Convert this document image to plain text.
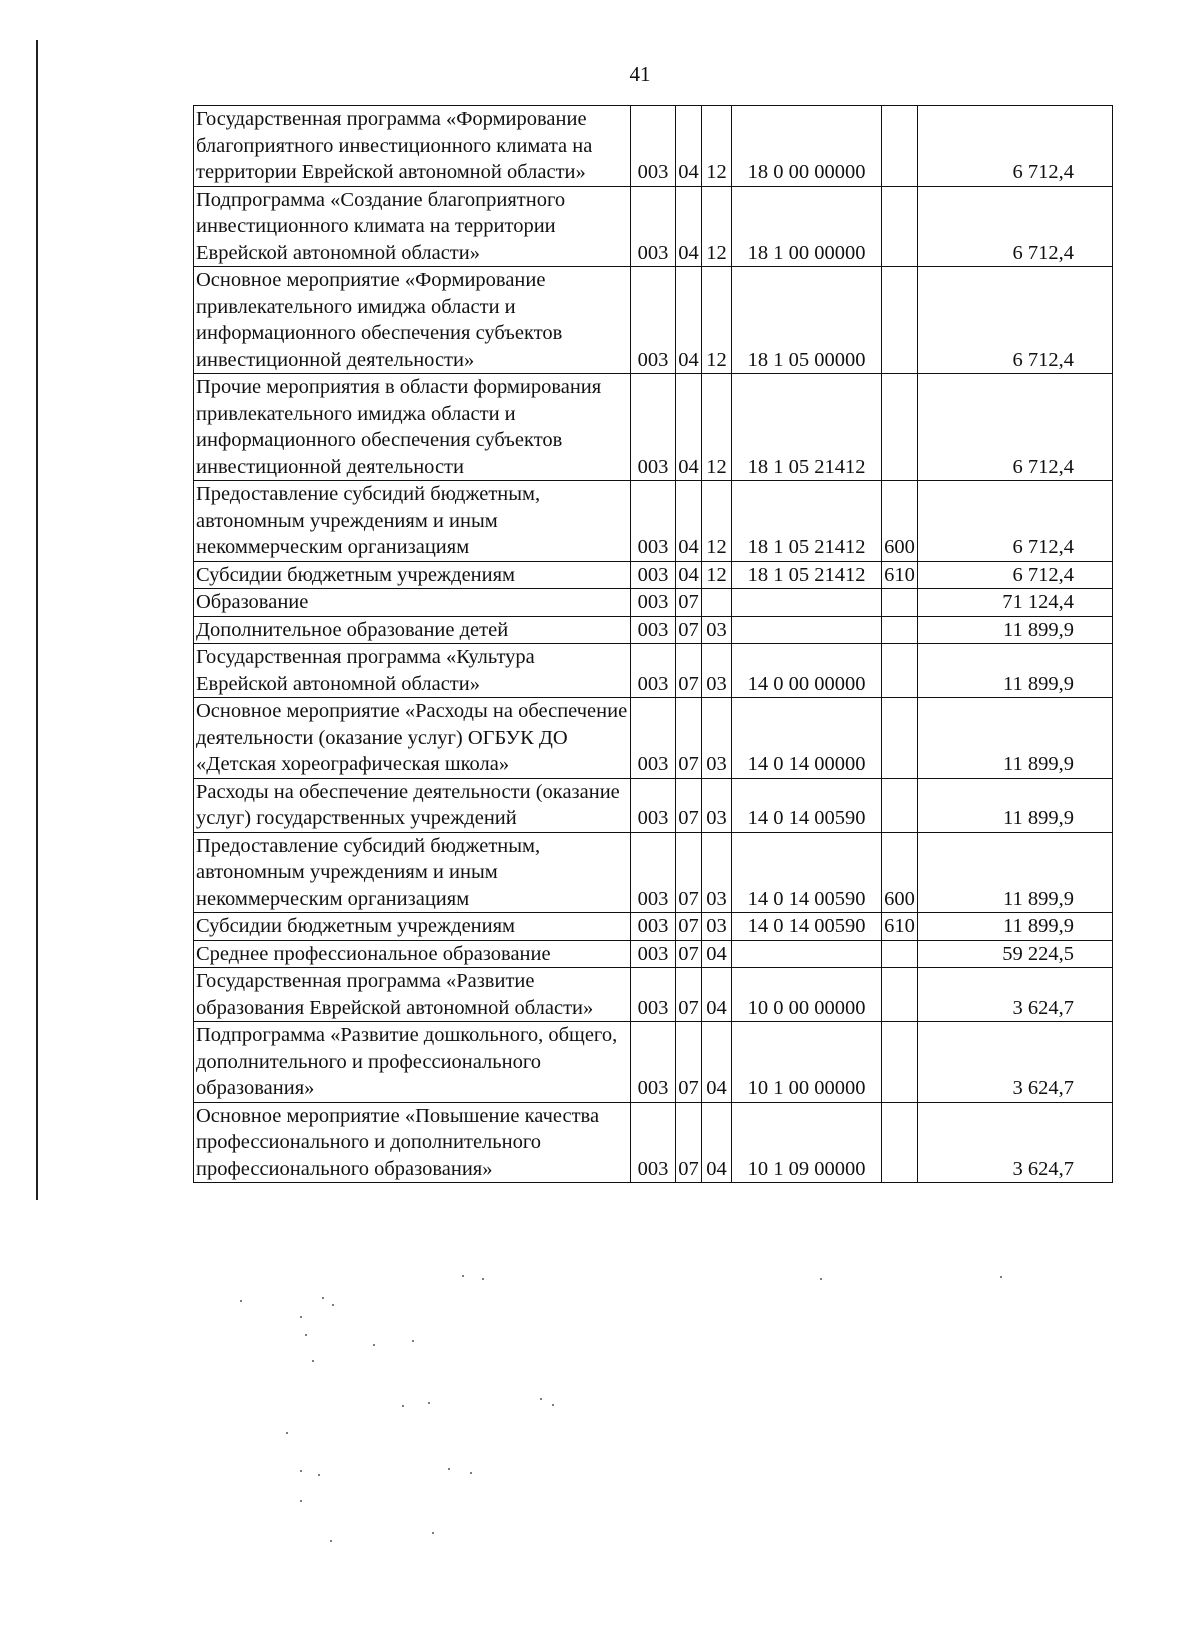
41
Государственная программа «Формирование благоприятного инвестиционного климата на территории Еврейской автономной области»	003	04	12	18 0 00 00000		6 712,4
Подпрограмма «Создание благоприятного инвестиционного климата на территории Еврейской автономной области»	003	04	12	18 1 00 00000		6 712,4
Основное мероприятие «Формирование привлекательного имиджа области и информационного обеспечения субъектов инвестиционной деятельности»	003	04	12	18 1 05 00000		6 712,4
Прочие мероприятия в области формирования привлекательного имиджа области и информационного обеспечения субъектов инвестиционной деятельности	003	04	12	18 1 05 21412		6 712,4
Предоставление субсидий бюджетным, автономным учреждениям и иным некоммерческим организациям	003	04	12	18 1 05 21412	600	6 712,4
Субсидии бюджетным учреждениям	003	04	12	18 1 05 21412	610	6 712,4
Образование	003	07				71 124,4
Дополнительное образование детей	003	07	03			11 899,9
Государственная программа «Культура Еврейской автономной области»	003	07	03	14 0 00 00000		11 899,9
Основное мероприятие «Расходы на обеспечение деятельности (оказание услуг) ОГБУК ДО «Детская хореографическая школа»	003	07	03	14 0 14 00000		11 899,9
Расходы на обеспечение деятельности (оказание услуг) государственных учреждений	003	07	03	14 0 14 00590		11 899,9
Предоставление субсидий бюджетным, автономным учреждениям и иным некоммерческим организациям	003	07	03	14 0 14 00590	600	11 899,9
Субсидии бюджетным учреждениям	003	07	03	14 0 14 00590	610	11 899,9
Среднее профессиональное образование	003	07	04			59 224,5
Государственная программа «Развитие образования Еврейской автономной области»	003	07	04	10 0 00 00000		3 624,7
Подпрограмма «Развитие дошкольного, общего, дополнительного и профессионального образования»	003	07	04	10 1 00 00000		3 624,7
Основное мероприятие «Повышение качества профессионального и дополнительного профессионального образования»	003	07	04	10 1 09 00000		3 624,7
